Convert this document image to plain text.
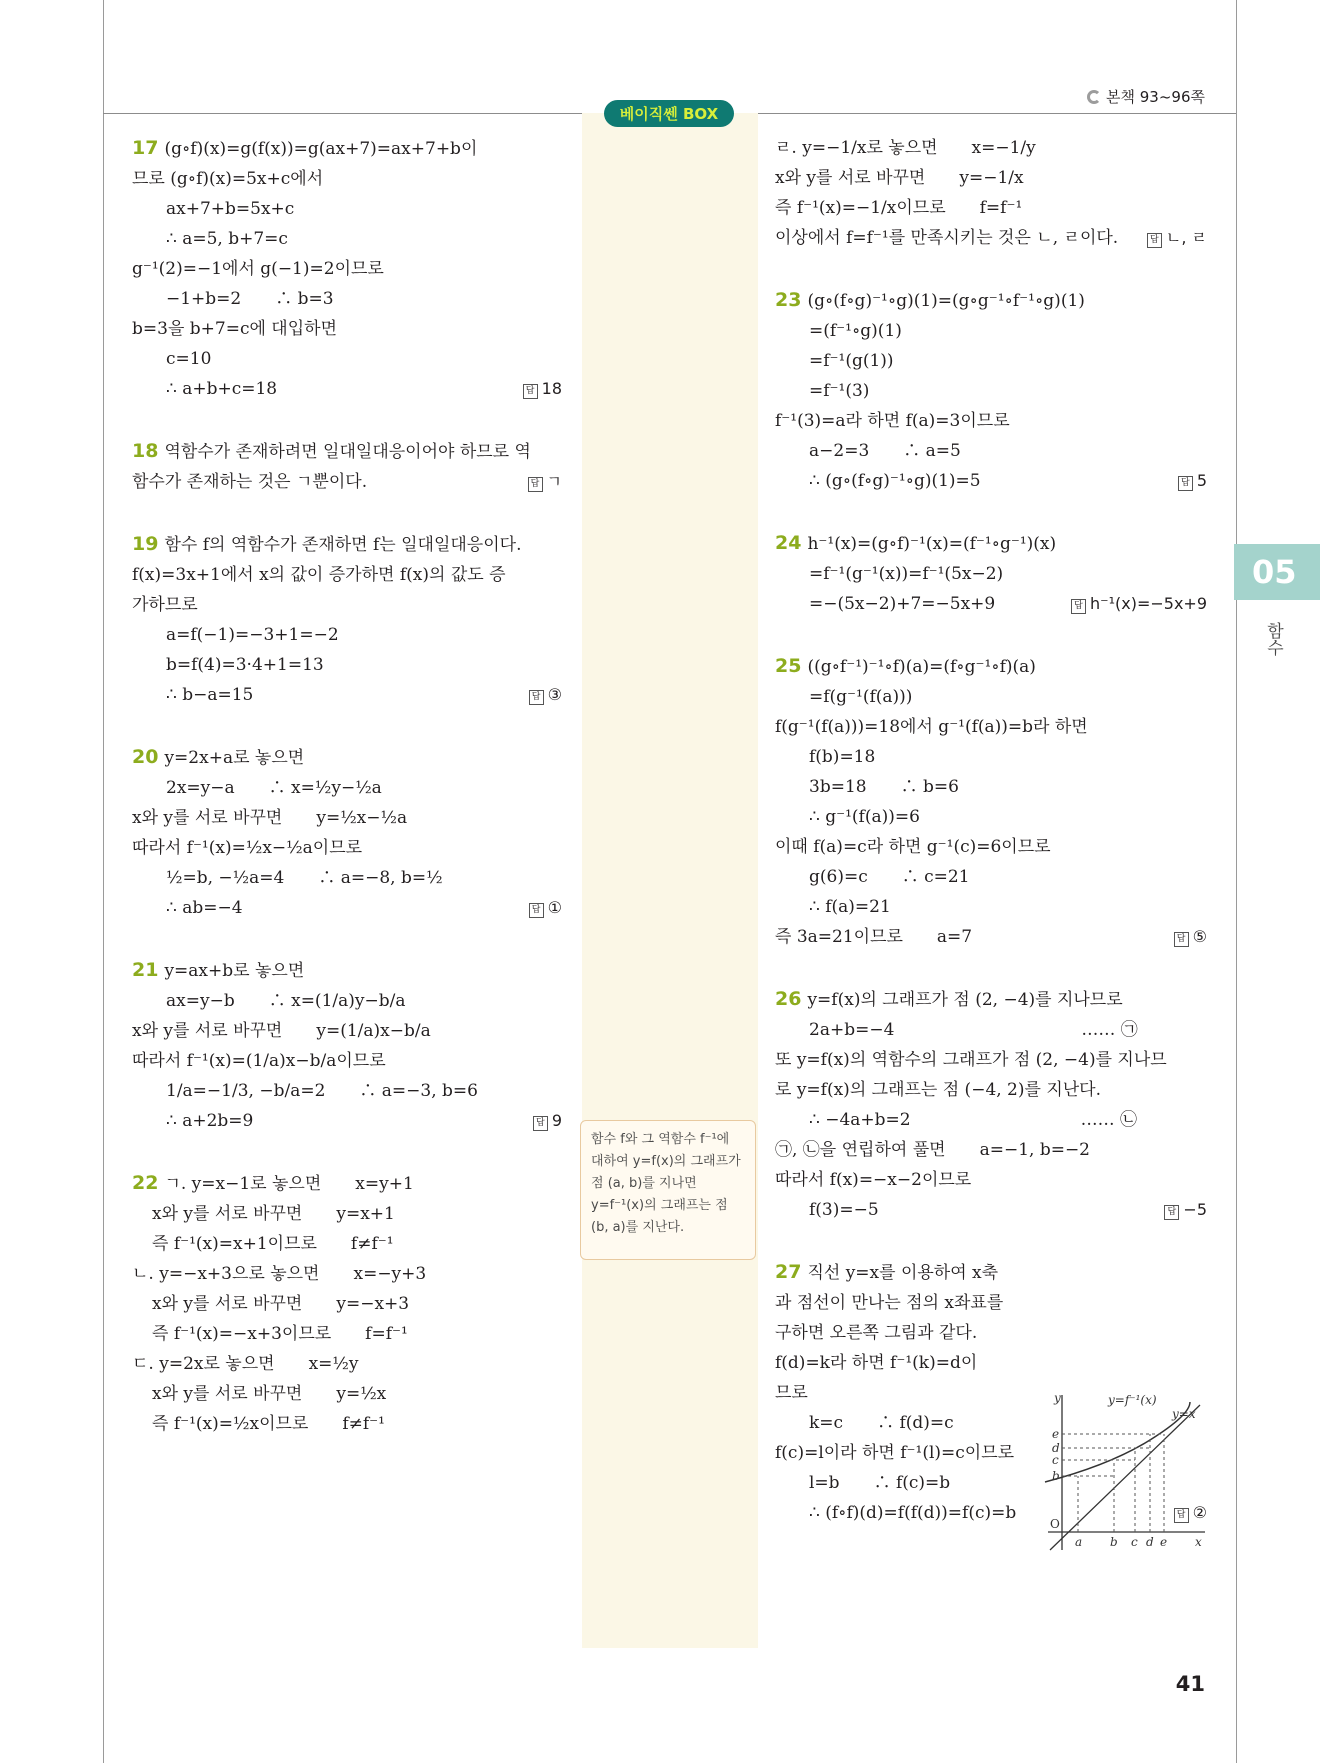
본책 93~96쪽
베이직쎈 BOX
05
함수

17 (g∘f)(x)=g(f(x))=g(ax+7)=ax+7+b이

므로 (g∘f)(x)=5x+c에서

ax+7+b=5x+c

∴ a=5, b+7=c

g⁻¹(2)=−1에서 g(−1)=2이므로

−1+b=2　　∴ b=3

b=3을 b+7=c에 대입하면

c=10

∴ a+b+c=18	답 18

18 역함수가 존재하려면 일대일대응이어야 하므로 역

함수가 존재하는 것은 ㄱ뿐이다.	답 ㄱ

19 함수 f의 역함수가 존재하면 f는 일대일대응이다.

f(x)=3x+1에서 x의 값이 증가하면 f(x)의 값도 증

가하므로

a=f(−1)=−3+1=−2

b=f(4)=3·4+1=13

∴ b−a=15	답 ③

20 y=2x+a로 놓으면

2x=y−a　　∴ x=½y−½a

x와 y를 서로 바꾸면　　y=½x−½a

따라서 f⁻¹(x)=½x−½a이므로

½=b, −½a=4　　∴ a=−8, b=½

∴ ab=−4	답 ①

21 y=ax+b로 놓으면

ax=y−b　　∴ x=(1/a)y−b/a

x와 y를 서로 바꾸면　　y=(1/a)x−b/a

따라서 f⁻¹(x)=(1/a)x−b/a이므로

1/a=−1/3, −b/a=2　　∴ a=−3, b=6

∴ a+2b=9	답 9

22 ㄱ. y=x−1로 놓으면　　x=y+1

x와 y를 서로 바꾸면　　y=x+1

즉 f⁻¹(x)=x+1이므로　　f≠f⁻¹

ㄴ. y=−x+3으로 놓으면　　x=−y+3

x와 y를 서로 바꾸면　　y=−x+3

즉 f⁻¹(x)=−x+3이므로　　f=f⁻¹

ㄷ. y=2x로 놓으면　　x=½y

x와 y를 서로 바꾸면　　y=½x

즉 f⁻¹(x)=½x이므로　　f≠f⁻¹

ㄹ. y=−1/x로 놓으면　　x=−1/y

x와 y를 서로 바꾸면　　y=−1/x

즉 f⁻¹(x)=−1/x이므로　　f=f⁻¹

이상에서 f=f⁻¹를 만족시키는 것은 ㄴ, ㄹ이다.	답 ㄴ, ㄹ

23 (g∘(f∘g)⁻¹∘g)(1)=(g∘g⁻¹∘f⁻¹∘g)(1)

=(f⁻¹∘g)(1)

=f⁻¹(g(1))

=f⁻¹(3)

f⁻¹(3)=a라 하면 f(a)=3이므로

a−2=3　　∴ a=5

∴ (g∘(f∘g)⁻¹∘g)(1)=5	답 5

24 h⁻¹(x)=(g∘f)⁻¹(x)=(f⁻¹∘g⁻¹)(x)

=f⁻¹(g⁻¹(x))=f⁻¹(5x−2)

=−(5x−2)+7=−5x+9	답 h⁻¹(x)=−5x+9

25 ((g∘f⁻¹)⁻¹∘f)(a)=(f∘g⁻¹∘f)(a)

=f(g⁻¹(f(a)))

f(g⁻¹(f(a)))=18에서 g⁻¹(f(a))=b라 하면

f(b)=18

3b=18　　∴ b=6

∴ g⁻¹(f(a))=6

이때 f(a)=c라 하면 g⁻¹(c)=6이므로

g(6)=c　　∴ c=21

∴ f(a)=21

즉 3a=21이므로　　a=7	답 ⑤

26 y=f(x)의 그래프가 점 (2, −4)를 지나므로

2a+b=−4　　　　　　　　　　　…… ㉠

또 y=f(x)의 역함수의 그래프가 점 (2, −4)를 지나므

로 y=f(x)의 그래프는 점 (−4, 2)를 지난다.

∴ −4a+b=2　　　　　　　　　　…… ㉡

㉠, ㉡을 연립하여 풀면　　a=−1, b=−2

따라서 f(x)=−x−2이므로

f(3)=−5	답 −5

27 직선 y=x를 이용하여 x축

과 점선이 만나는 점의 x좌표를

구하면 오른쪽 그림과 같다.

f(d)=k라 하면 f⁻¹(k)=d이

므로

k=c　　∴ f(d)=c

f(c)=l이라 하면 f⁻¹(l)=c이므로

l=b　　∴ f(c)=b

∴ (f∘f)(d)=f(f(d))=f(c)=b	답 ②

함수 f와 그 역함수 f⁻¹에 대하여 y=f(x)의 그래프가 점 (a, b)를 지나면 y=f⁻¹(x)의 그래프는 점 (b, a)를 지난다.
y
x
O
y=f⁻¹(x)
y=x
a b c d e
e
d
c
b
41
